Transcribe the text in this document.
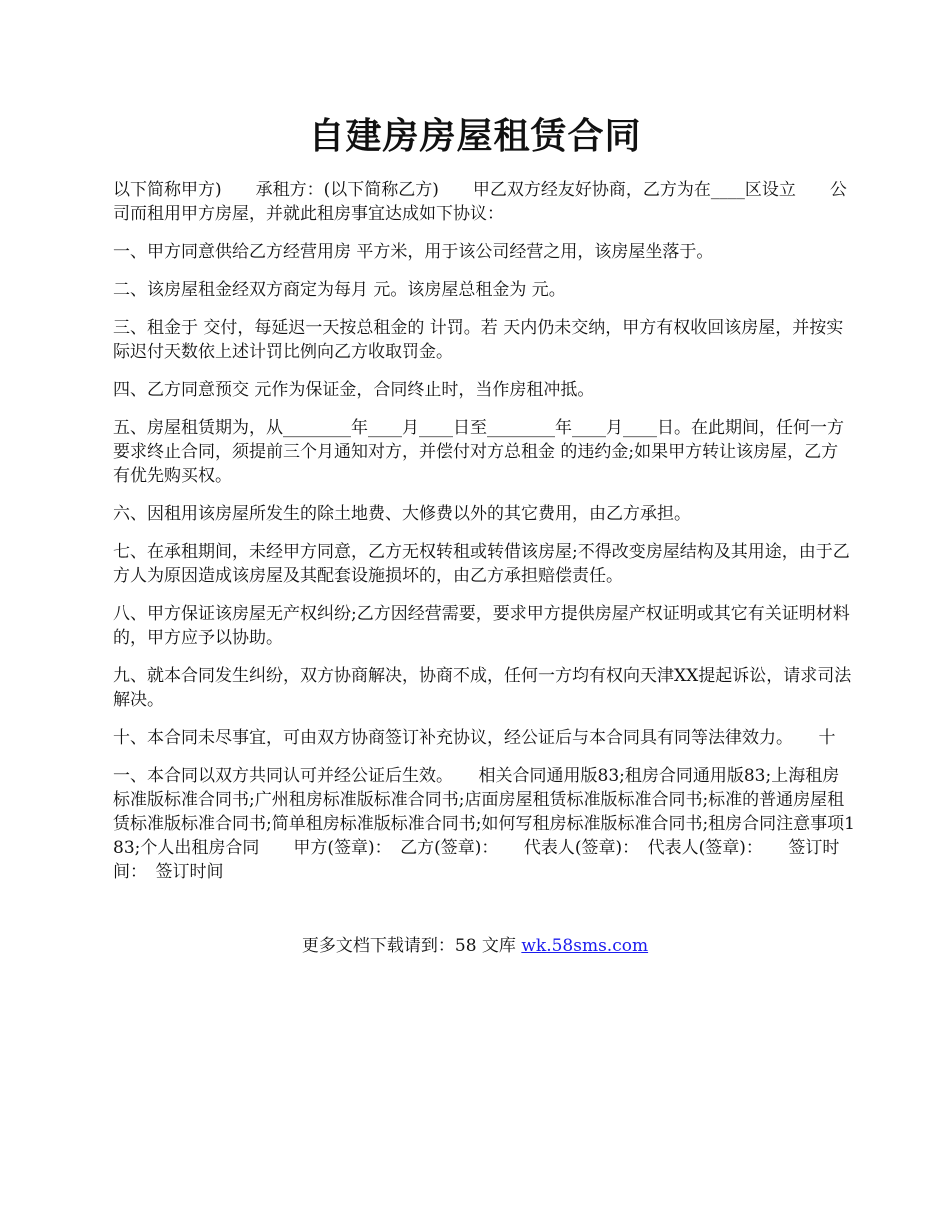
自建房房屋租赁合同

以下简称甲方)　　承租方：(以下简称乙方)　　甲乙双方经友好协商，乙方为在____区设立　　公司而租用甲方房屋，并就此租房事宜达成如下协议：

一、甲方同意供给乙方经营用房 平方米，用于该公司经营之用，该房屋坐落于。

二、该房屋租金经双方商定为每月 元。该房屋总租金为 元。

三、租金于 交付，每延迟一天按总租金的 计罚。若 天内仍未交纳，甲方有权收回该房屋，并按实际迟付天数依上述计罚比例向乙方收取罚金。

四、乙方同意预交 元作为保证金，合同终止时，当作房租冲抵。

五、房屋租赁期为，从________年____月____日至________年____月____日。在此期间，任何一方要求终止合同，须提前三个月通知对方，并偿付对方总租金 的违约金;如果甲方转让该房屋，乙方有优先购买权。

六、因租用该房屋所发生的除土地费、大修费以外的其它费用，由乙方承担。

七、在承租期间，未经甲方同意，乙方无权转租或转借该房屋;不得改变房屋结构及其用途，由于乙方人为原因造成该房屋及其配套设施损坏的，由乙方承担赔偿责任。

八、甲方保证该房屋无产权纠纷;乙方因经营需要，要求甲方提供房屋产权证明或其它有关证明材料的，甲方应予以协助。

九、就本合同发生纠纷，双方协商解决，协商不成，任何一方均有权向天津XX提起诉讼，请求司法解决。

十、本合同未尽事宜，可由双方协商签订补充协议，经公证后与本合同具有同等法律效力。　　十

一、本合同以双方共同认可并经公证后生效。　　相关合同通用版83;租房合同通用版83;上海租房标准版标准合同书;广州租房标准版标准合同书;店面房屋租赁标准版标准合同书;标准的普通房屋租赁标准版标准合同书;简单租房标准版标准合同书;如何写租房标准版标准合同书;租房合同注意事项183;个人出租房合同　　甲方(签章)：　乙方(签章)：　　代表人(签章)：　代表人(签章)：　　签订时间：　签订时间

更多文档下载请到：58 文库 wk.58sms.com
